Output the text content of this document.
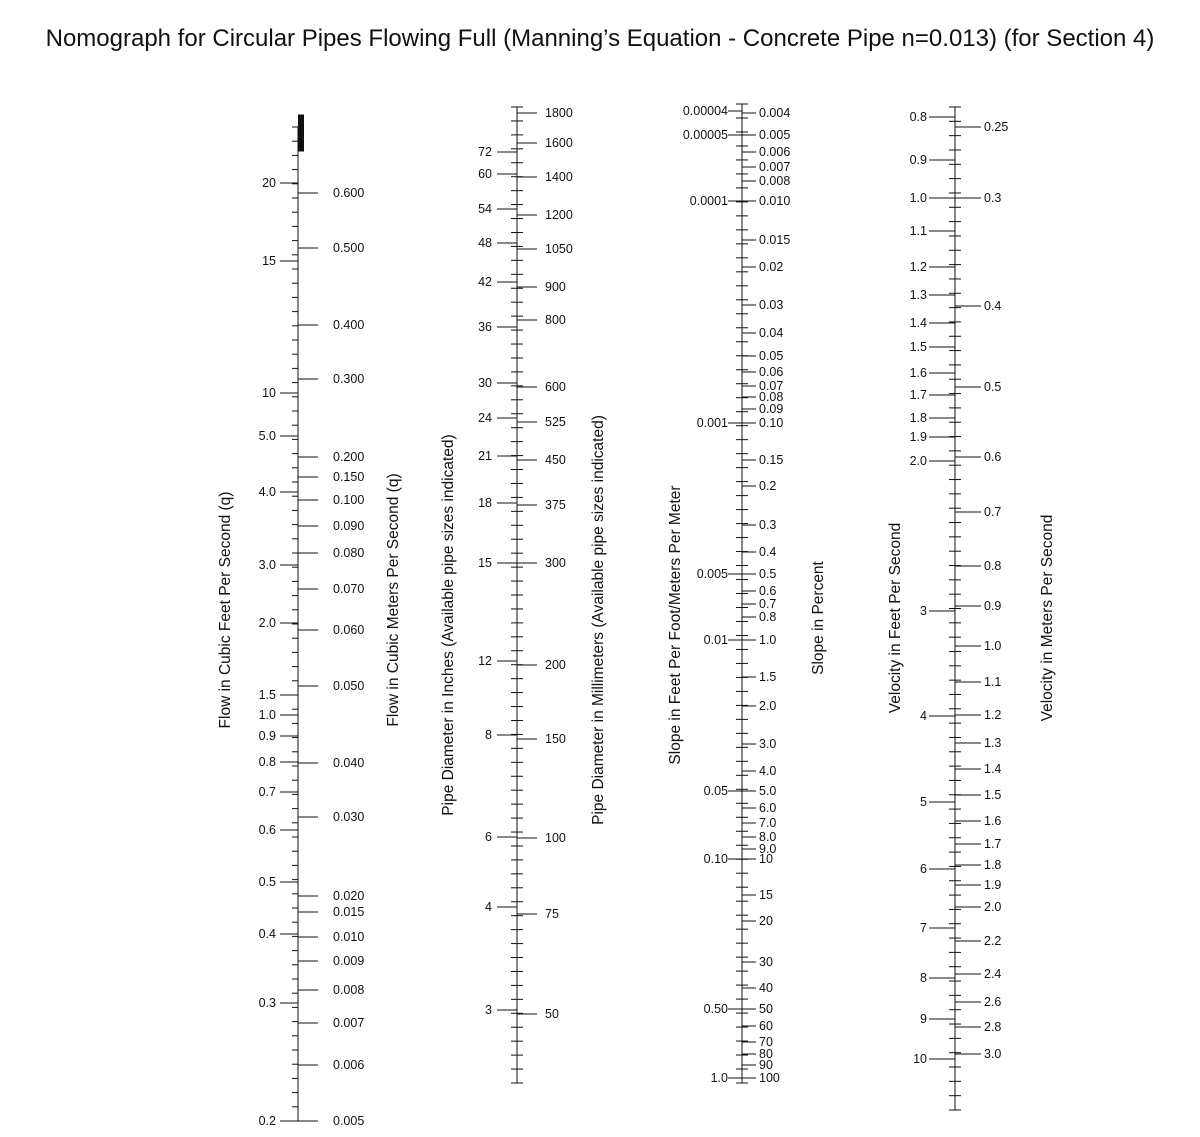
Nomograph for Circular Pipes Flowing Full (Manning’s Equation - Concrete Pipe n=0.013) (for Section 4)
20
15
10
5.0
4.0
3.0
2.0
1.5
1.0
0.9
0.8
0.7
0.6
0.5
0.4
0.3
0.2
Flow in Cubic Feet Per Second (q)
0.600
0.500
0.400
0.300
0.200
0.150
0.100
0.090
0.080
0.070
0.060
0.050
0.040
0.030
0.020
0.015
0.010
0.009
0.008
0.007
0.006
0.005
Flow in Cubic Meters Per Second (q)
72
60
54
48
42
36
30
24
21
18
15
12
8
6
4
3
Pipe Diameter in Inches (Available pipe sizes indicated)
1800
1600
1400
1200
1050
900
800
600
525
450
375
300
200
150
100
75
50
Pipe Diameter in Millimeters (Available pipe sizes indicated)
0.00004
0.00005
0.0001
0.001
0.005
0.01
0.05
0.10
0.50
1.0
Slope in Feet Per Foot/Meters Per Meter
0.004
0.005
0.006
0.007
0.008
0.010
0.015
0.02
0.03
0.04
0.05
0.06
0.07
0.08
0.09
0.10
0.15
0.2
0.3
0.4
0.5
0.6
0.7
0.8
1.0
1.5
2.0
3.0
4.0
5.0
6.0
7.0
8.0
9.0
10
15
20
30
40
50
60
70
80
90
100
Slope in Percent
0.8
0.9
1.0
1.1
1.2
1.3
1.4
1.5
1.6
1.7
1.8
1.9
2.0
3
4
5
6
7
8
9
10
Velocity in Feet Per Second
0.25
0.3
0.4
0.5
0.6
0.7
0.8
0.9
1.0
1.1
1.2
1.3
1.4
1.5
1.6
1.7
1.8
1.9
2.0
2.2
2.4
2.6
2.8
3.0
Velocity in Meters Per Second
